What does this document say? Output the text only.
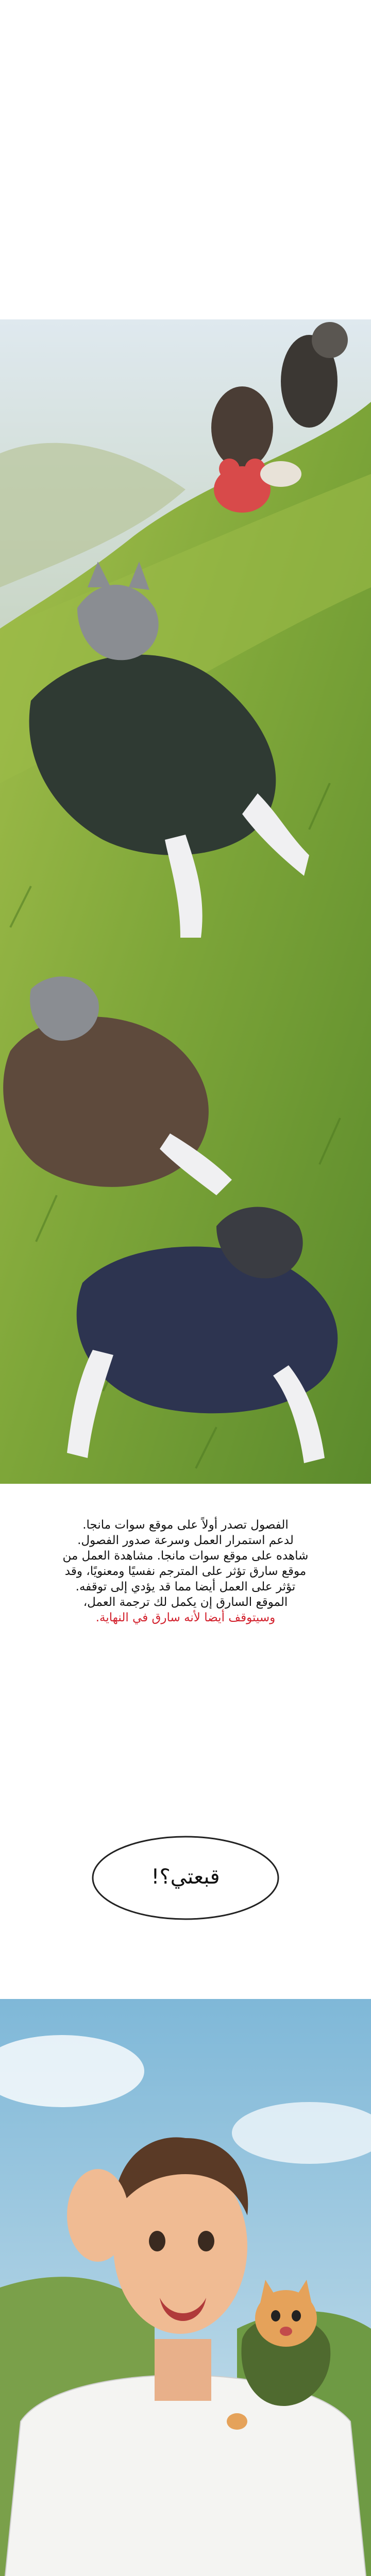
الفصول تصدر أولاً على موقع سوات مانجا.
لدعم استمرار العمل وسرعة صدور الفصول.
شاهده على موقع سوات مانجا. مشاهدة العمل من
موقع سارق تؤثر على المترجم نفسيًا ومعنويًا، وقد
تؤثر على العمل أيضا مما قد يؤدي إلى توقفه.
الموقع السارق إن يكمل لك ترجمة العمل،
وسيتوقف أيضا لأنه سارق في النهاية.
قبعتي؟!
